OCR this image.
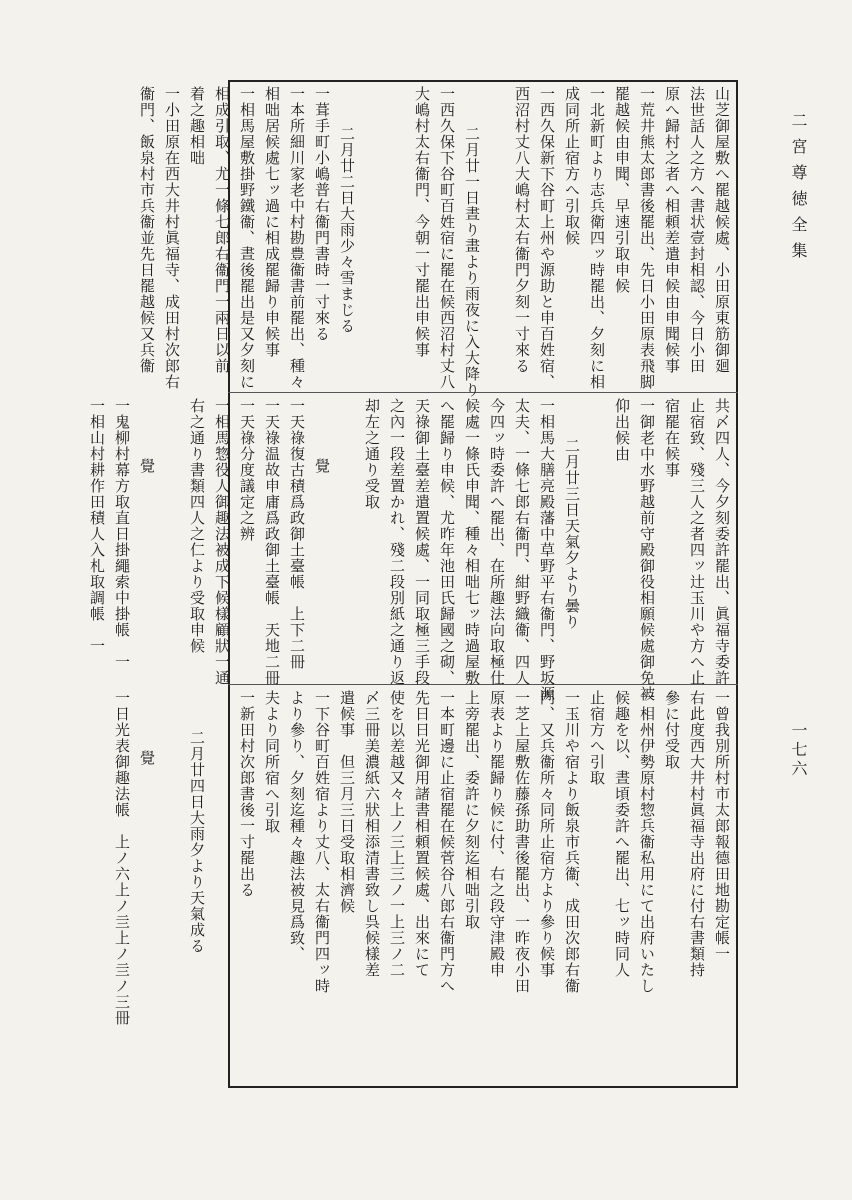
二宮尊徳全集
一七六
山芝御屋敷へ罷越候處、小田原東筋御廻
法世話人之方へ書状壹封相認、今日小田
原へ歸村之者へ相頼差遣申候由申聞候事
一荒井熊太郎書後罷出、先日小田原表飛脚
罷越候由申聞、早速引取申候
一北新町より志兵衛四ッ時罷出、夕刻に相
成同所止宿方へ引取候
一西久保新下谷町上州や源助と申百姓宿、
西沼村丈八大嶋村太右衞門夕刻一寸來る
二月廿一日晝り畫より雨夜に入大降り
一西久保下谷町百姓宿に罷在候西沼村丈八
大嶋村太右衞門、今朝一寸罷出申候事
二月廿二日大雨少々雪まじる
一葺手町小嶋普右衞門書時一寸來る
一本所細川家老中村勘豊衞書前罷出、種々
相咄居候處七ッ過に相成罷歸り申候事
一相馬屋敷掛野鐵衞、晝後罷出是又夕刻に
相成引取、尤一條七郎右衞門一兩日以前
着之趣相咄
一小田原在西大井村眞福寺、成田村次郎右
衞門、飯泉村市兵衞並先日罷越候又兵衞
共〆四人、今夕刻委許罷出、眞福寺委許
止宿致、殘三人之者四ッ辻玉川や方へ止
宿罷在候事
一御老中水野越前守殿御役相願候處御免被
仰出候由
二月廿三日天氣夕より曇り
一相馬大膳亮殿藩中草野平右衞門、野坂源
太夫、一條七郎右衞門、紺野織衞、四人
今四ッ時委許へ罷出、在所趣法向取極仕
候處一條氏申聞、種々相咄七ッ時過屋敷
へ罷歸り申候、尤昨年池田氏歸國之砌、
天祿御土臺差遣置候處、一同取極三手段
之內一段差置かれ、殘二段別紙之通り返
却左之通り受取
覺
一天祿復古積爲政御土臺帳　上下二冊
一天祿温故申庸爲政御土臺帳　天地二冊
一天祿分度議定之辨
一相馬惣役人御趣法被成下候樣顧狀一通
右之通り書類四人之仁より受取申候
覺
一鬼柳村幕方取直日掛繩索中掛帳　一
一相山村耕作田積人入札取調帳　一
一曾我別所村市太郎報德田地勘定帳一
右此度西大井村眞福寺出府に付右書類持
參に付受取
一相州伊勢原村惣兵衞私用にて出府いたし
候趣を以、晝頃委許へ罷出、七ッ時同人
止宿方へ引取
一玉川や宿より飯泉市兵衞、成田次郎右衞
門、又兵衞所々同所止宿方より參り候事
一芝上屋敷佐藤孫助書後罷出、一昨夜小田
原表より罷歸り候に付、右之段守津殿申
上旁罷出、委許に夕刻迄相咄引取
一本町邊に止宿罷在候菅谷八郎右衞門方へ
先日日光御用諸書相頼置候處、出來にて
使を以差越又々上ノ三上三ノ一上三ノ二
〆三冊美濃紙六狀相添清書致し呉候樣差
遣候事　但三月三日受取相濟候
一下谷町百姓宿より丈八、太右衞門四ッ時
より參り、夕刻迄種々趣法被見爲致、
夫より同所宿へ引取
一新田村次郎書後一寸罷出る
二月廿四日大雨夕より天氣成る
覺
一日光表御趣法帳　上ノ六上ノ亖上ノ亖ノ三冊
